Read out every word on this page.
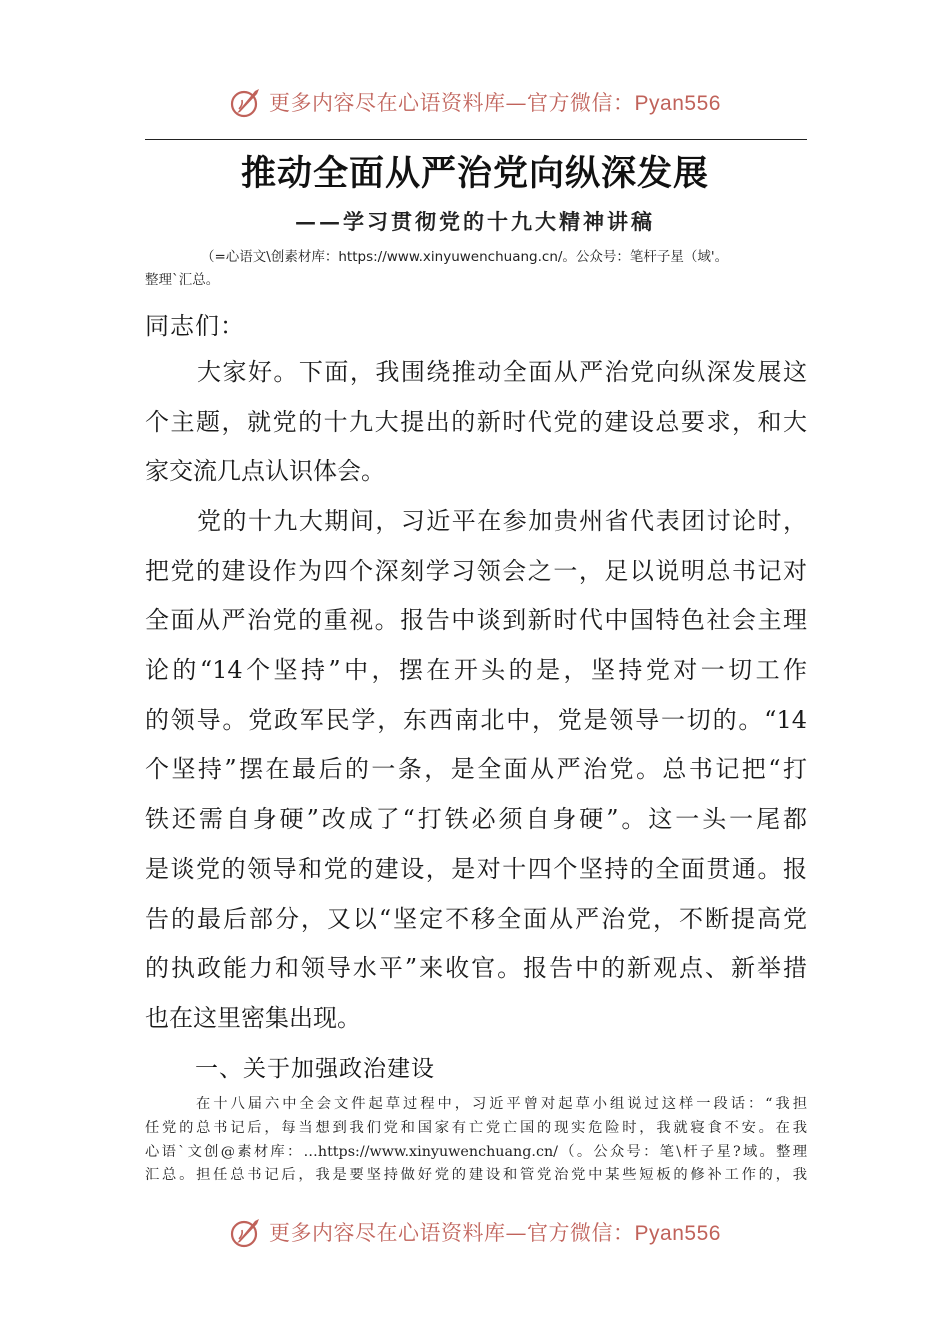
更多内容尽在心语资料库—官方微信：Pyan556
推动全面从严治党向纵深发展
——学习贯彻党的十九大精神讲稿
（=心语文\创素材库：https://www.xinyuwenchuang.cn/。公众号：笔杆子星（域'。
整理`汇总。
同志们：
大家好。下面，我围绕推动全面从严治党向纵深发展这
个主题，就党的十九大提出的新时代党的建设总要求，和大
家交流几点认识体会。
党的十九大期间，习近平在参加贵州省代表团讨论时，
把党的建设作为四个深刻学习领会之一，足以说明总书记对
全面从严治党的重视。报告中谈到新时代中国特色社会主理
论的“14个坚持”中，摆在开头的是，坚持党对一切工作
的领导。党政军民学，东西南北中，党是领导一切的。“14
个坚持”摆在最后的一条，是全面从严治党。总书记把“打
铁还需自身硬”改成了“打铁必须自身硬”。这一头一尾都
是谈党的领导和党的建设，是对十四个坚持的全面贯通。报
告的最后部分，又以“坚定不移全面从严治党，不断提高党
的执政能力和领导水平”来收官。报告中的新观点、新举措
也在这里密集出现。
一、关于加强政治建设
在十八届六中全会文件起草过程中，习近平曾对起草小组说过这样一段话：“我担
任党的总书记后，每当想到我们党和国家有亡党亡国的现实危险时，我就寝食不安。在我
心语`文创@素材库：…https://www.xinyuwenchuang.cn/（。公众号：笔\杆子星?域。整理
汇总。担任总书记后，我是要坚持做好党的建设和管党治党中某些短板的修补工作的，我
更多内容尽在心语资料库—官方微信：Pyan556
